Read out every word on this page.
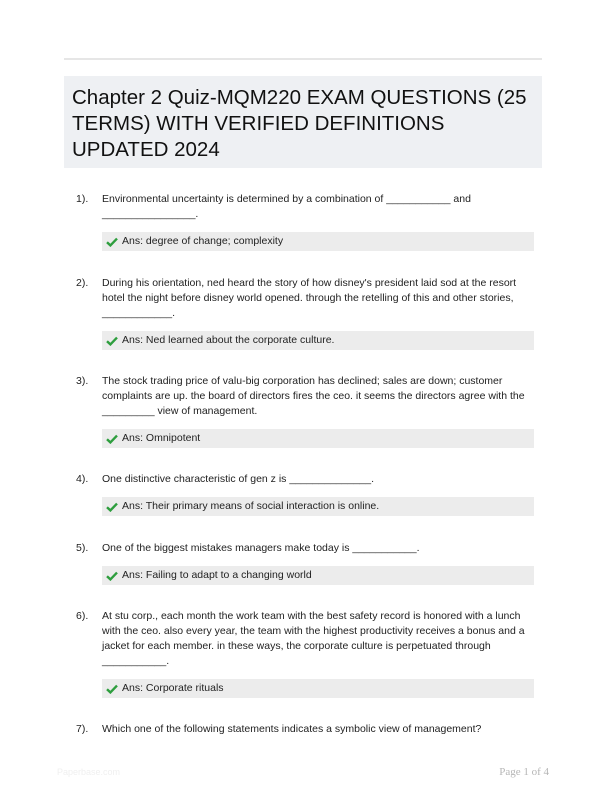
Chapter 2 Quiz-MQM220 EXAM QUESTIONS (25 TERMS) WITH VERIFIED DEFINITIONS UPDATED 2024
1). Environmental uncertainty is determined by a combination of ___________ and ________________.
Ans: degree of change; complexity
2). During his orientation, ned heard the story of how disney's president laid sod at the resort hotel the night before disney world opened. through the retelling of this and other stories, ____________.
Ans: Ned learned about the corporate culture.
3). The stock trading price of valu-big corporation has declined; sales are down; customer complaints are up. the board of directors fires the ceo. it seems the directors agree with the _________ view of management.
Ans: Omnipotent
4). One distinctive characteristic of gen z is ______________.
Ans: Their primary means of social interaction is online.
5). One of the biggest mistakes managers make today is ___________.
Ans: Failing to adapt to a changing world
6). At stu corp., each month the work team with the best safety record is honored with a lunch with the ceo. also every year, the team with the highest productivity receives a bonus and a jacket for each member. in these ways, the corporate culture is perpetuated through ___________.
Ans: Corporate rituals
7). Which one of the following statements indicates a symbolic view of management?
Paperbase.com	Page 1 of 4
